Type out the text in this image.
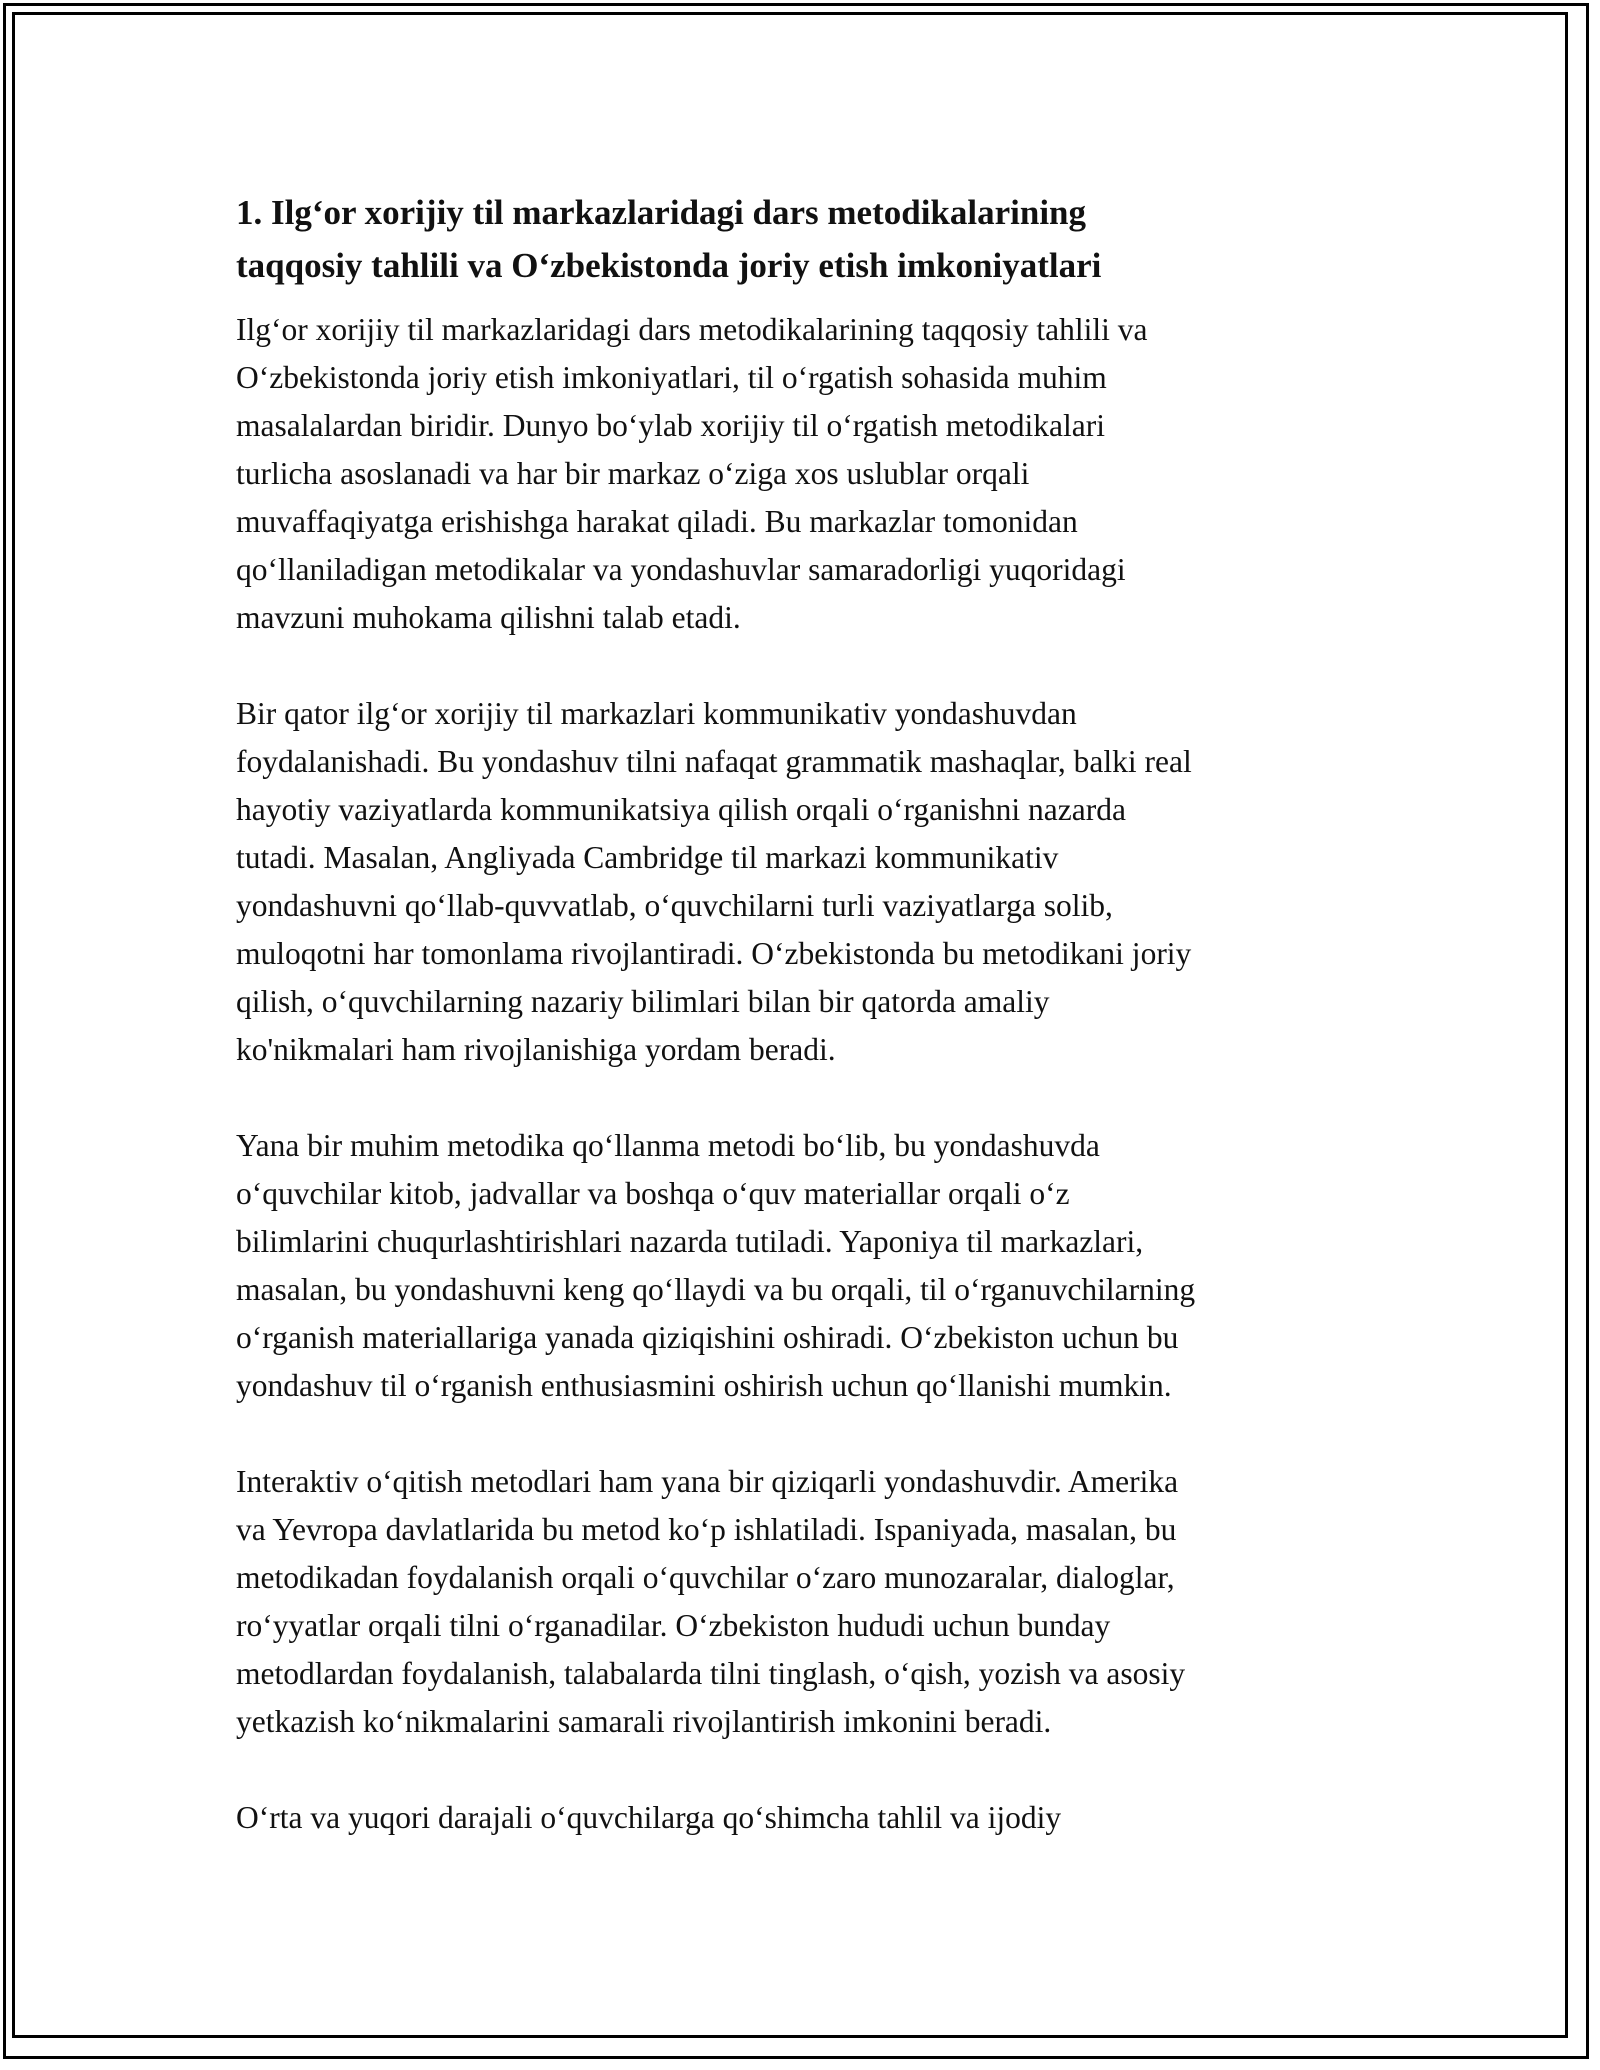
1. Ilg‘or xorijiy til markazlaridagi dars metodikalarining
taqqosiy tahlili va O‘zbekistonda joriy etish imkoniyatlari

Ilg‘or xorijiy til markazlaridagi dars metodikalarining taqqosiy tahlili va
O‘zbekistonda joriy etish imkoniyatlari, til o‘rgatish sohasida muhim
masalalardan biridir. Dunyo bo‘ylab xorijiy til o‘rgatish metodikalari
turlicha asoslanadi va har bir markaz o‘ziga xos uslublar orqali
muvaffaqiyatga erishishga harakat qiladi. Bu markazlar tomonidan
qo‘llaniladigan metodikalar va yondashuvlar samaradorligi yuqoridagi
mavzuni muhokama qilishni talab etadi.

Bir qator ilg‘or xorijiy til markazlari kommunikativ yondashuvdan
foydalanishadi. Bu yondashuv tilni nafaqat grammatik mashaqlar, balki real
hayotiy vaziyatlarda kommunikatsiya qilish orqali o‘rganishni nazarda
tutadi. Masalan, Angliyada Cambridge til markazi kommunikativ
yondashuvni qo‘llab-quvvatlab, o‘quvchilarni turli vaziyatlarga solib,
muloqotni har tomonlama rivojlantiradi. O‘zbekistonda bu metodikani joriy
qilish, o‘quvchilarning nazariy bilimlari bilan bir qatorda amaliy
ko'nikmalari ham rivojlanishiga yordam beradi.

Yana bir muhim metodika qo‘llanma metodi bo‘lib, bu yondashuvda
o‘quvchilar kitob, jadvallar va boshqa o‘quv materiallar orqali o‘z
bilimlarini chuqurlashtirishlari nazarda tutiladi. Yaponiya til markazlari,
masalan, bu yondashuvni keng qo‘llaydi va bu orqali, til o‘rganuvchilarning
o‘rganish materiallariga yanada qiziqishini oshiradi. O‘zbekiston uchun bu
yondashuv til o‘rganish enthusiasmini oshirish uchun qo‘llanishi mumkin.

Interaktiv o‘qitish metodlari ham yana bir qiziqarli yondashuvdir. Amerika
va Yevropa davlatlarida bu metod ko‘p ishlatiladi. Ispaniyada, masalan, bu
metodikadan foydalanish orqali o‘quvchilar o‘zaro munozaralar, dialoglar,
ro‘yyatlar orqali tilni o‘rganadilar. O‘zbekiston hududi uchun bunday
metodlardan foydalanish, talabalarda tilni tinglash, o‘qish, yozish va asosiy
yetkazish ko‘nikmalarini samarali rivojlantirish imkonini beradi.

O‘rta va yuqori darajali o‘quvchilarga qo‘shimcha tahlil va ijodiy
